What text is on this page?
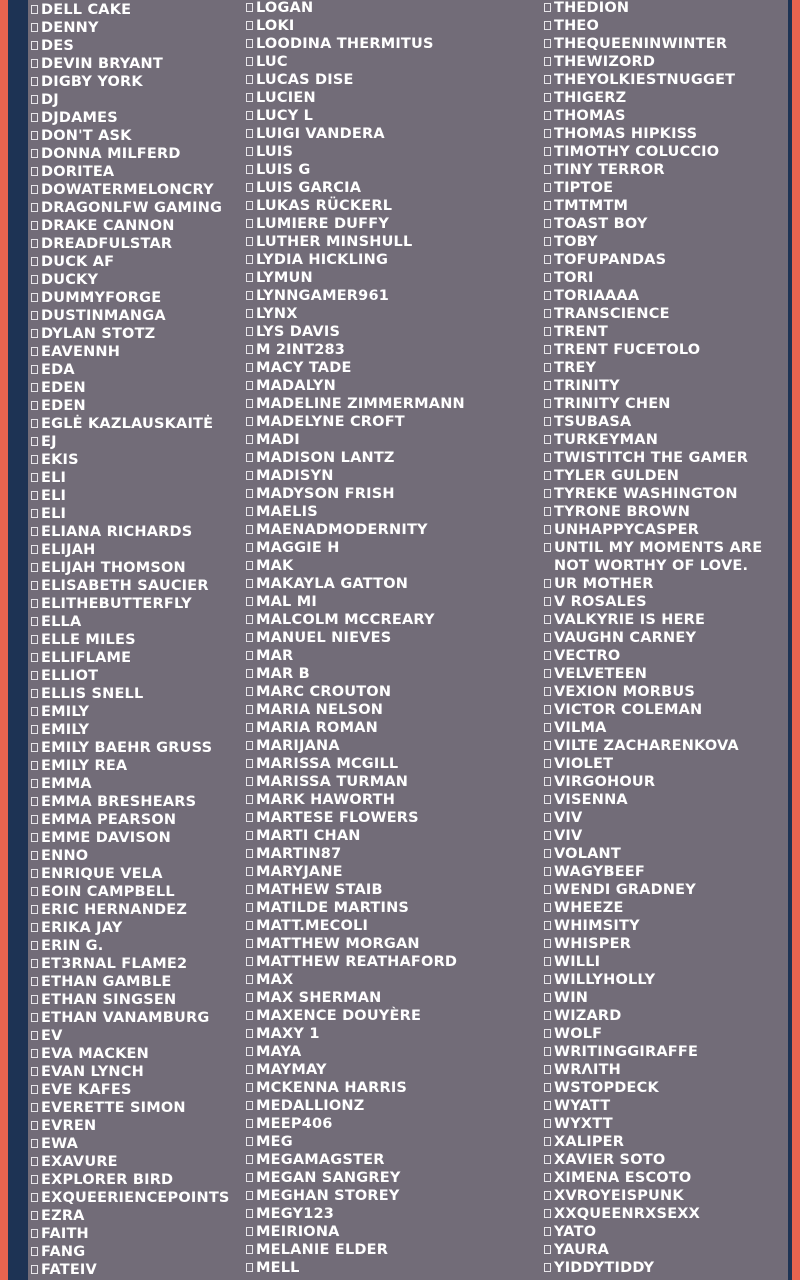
DELL CAKE
DENNY
DES
DEVIN BRYANT
DIGBY YORK
DJ
DJDAMES
DON'T ASK
DONNA MILFERD
DORITEA
DOWATERMELONCRY
DRAGONLFW GAMING
DRAKE CANNON
DREADFULSTAR
DUCK AF
DUCKY
DUMMYFORGE
DUSTINMANGA
DYLAN STOTZ
EAVENNH
EDA
EDEN
EDEN
EGLĖ KAZLAUSKAITĖ
EJ
EKIS
ELI
ELI
ELI
ELIANA RICHARDS
ELIJAH
ELIJAH THOMSON
ELISABETH SAUCIER
ELITHEBUTTERFLY
ELLA
ELLE MILES
ELLIFLAME
ELLIOT
ELLIS SNELL
EMILY
EMILY
EMILY BAEHR GRUSS
EMILY REA
EMMA
EMMA BRESHEARS
EMMA PEARSON
EMME DAVISON
ENNO
ENRIQUE VELA
EOIN CAMPBELL
ERIC HERNANDEZ
ERIKA JAY
ERIN G.
ET3RNAL FLAME2
ETHAN GAMBLE
ETHAN SINGSEN
ETHAN VANAMBURG
EV
EVA MACKEN
EVAN LYNCH
EVE KAFES
EVERETTE SIMON
EVREN
EWA
EXAVURE
EXPLORER BIRD
EXQUEERIENCEPOINTS
EZRA
FAITH
FANG
FATEIV
LOGAN
LOKI
LOODINA THERMITUS
LUC
LUCAS DISE
LUCIEN
LUCY L
LUIGI VANDERA
LUIS
LUIS G
LUIS GARCIA
LUKAS RÜCKERL
LUMIERE DUFFY
LUTHER MINSHULL
LYDIA HICKLING
LYMUN
LYNNGAMER961
LYNX
LYS DAVIS
M 2INT283
MACY TADE
MADALYN
MADELINE ZIMMERMANN
MADELYNE CROFT
MADI
MADISON LANTZ
MADISYN
MADYSON FRISH
MAELIS
MAENADMODERNITY
MAGGIE H
MAK
MAKAYLA GATTON
MAL MI
MALCOLM MCCREARY
MANUEL NIEVES
MAR
MAR B
MARC CROUTON
MARIA NELSON
MARIA ROMAN
MARIJANA
MARISSA MCGILL
MARISSA TURMAN
MARK HAWORTH
MARTESE FLOWERS
MARTI CHAN
MARTIN87
MARYJANE
MATHEW STAIB
MATILDE MARTINS
MATT.MECOLI
MATTHEW MORGAN
MATTHEW REATHAFORD
MAX
MAX SHERMAN
MAXENCE DOUYÈRE
MAXY 1
MAYA
MAYMAY
MCKENNA HARRIS
MEDALLIONZ
MEEP406
MEG
MEGAMAGSTER
MEGAN SANGREY
MEGHAN STOREY
MEGY123
MEIRIONA
MELANIE ELDER
MELL
THEDION
THEO
THEQUEENINWINTER
THEWIZORD
THEYOLKIESTNUGGET
THIGERZ
THOMAS
THOMAS HIPKISS
TIMOTHY COLUCCIO
TINY TERROR
TIPTOE
TMTMTM
TOAST BOY
TOBY
TOFUPANDAS
TORI
TORIAAAA
TRANSCIENCE
TRENT
TRENT FUCETOLO
TREY
TRINITY
TRINITY CHEN
TSUBASA
TURKEYMAN
TWISTITCH THE GAMER
TYLER GULDEN
TYREKE WASHINGTON
TYRONE BROWN
UNHAPPYCASPER
UNTIL MY MOMENTS ARE NOT WORTHY OF LOVE.
UR MOTHER
V ROSALES
VALKYRIE IS HERE
VAUGHN CARNEY
VECTRO
VELVETEEN
VEXION MORBUS
VICTOR COLEMAN
VILMA
VILTE ZACHARENKOVA
VIOLET
VIRGOHOUR
VISENNA
VIV
VIV
VOLANT
WAGYBEEF
WENDI GRADNEY
WHEEZE
WHIMSITY
WHISPER
WILLI
WILLYHOLLY
WIN
WIZARD
WOLF
WRITINGGIRAFFE
WRɅITH
WSTOPDECK
WYATT
WYXTT
XALIPER
XAVIER SOTO
XIMENA ESCOTO
XVROYEISPUNK
XXQUEENRXSEXX
YATO
YAURA
YIDDYTIDDY
